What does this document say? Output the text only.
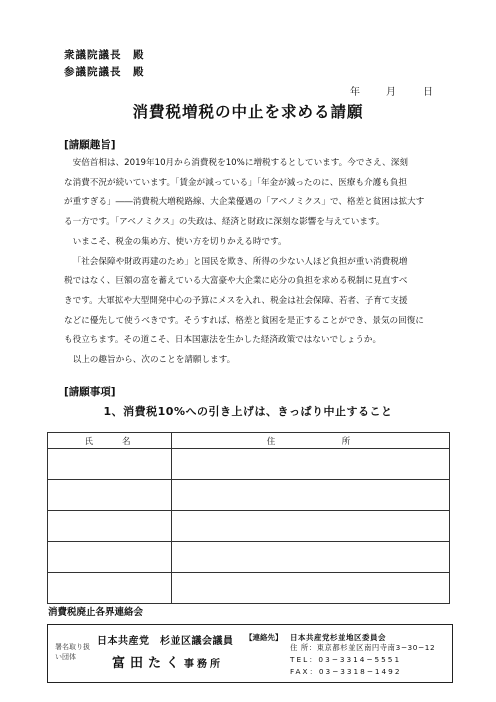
衆議院議長　殿
参議院議長　殿
年	月	日
消費税増税の中止を求める請願
[請願趣旨]

安倍首相は、2019年10月から消費税を10%に増税するとしています。今でさえ、深刻

な消費不況が続いています。「賃金が減っている」「年金が減ったのに、医療も介護も負担

が重すぎる」――消費税大増税路線、大企業優遇の「アベノミクス」で、格差と貧困は拡大す

る一方です。「アベノミクス」の失政は、経済と財政に深刻な影響を与えています。

いまこそ、税金の集め方、使い方を切りかえる時です。

「社会保障や財政再建のため」と国民を欺き、所得の少ない人ほど負担が重い消費税増

税ではなく、巨額の富を蓄えている大富豪や大企業に応分の負担を求める税制に見直すべ

きです。大軍拡や大型開発中心の予算にメスを入れ、税金は社会保障、若者、子育て支援

などに優先して使うべきです。そうすれば、格差と貧困を是正することができ、景気の回復に

も役立ちます。その道こそ、日本国憲法を生かした経済政策ではないでしょうか。

以上の趣旨から、次のことを請願します。

[請願事項]
1、消費税10%への引き上げは、きっぱり中止すること
氏　　名	住　　　　　所

消費税廃止各界連絡会
署名取り扱い団体
日本共産党　杉並区議会議員
富田たく事務所
【連絡先】 日本共産党杉並地区委員会
住 所：東京都杉並区南円寺南3−30−12
TEL：03−3314−5551
FAX：03−3318−1492
